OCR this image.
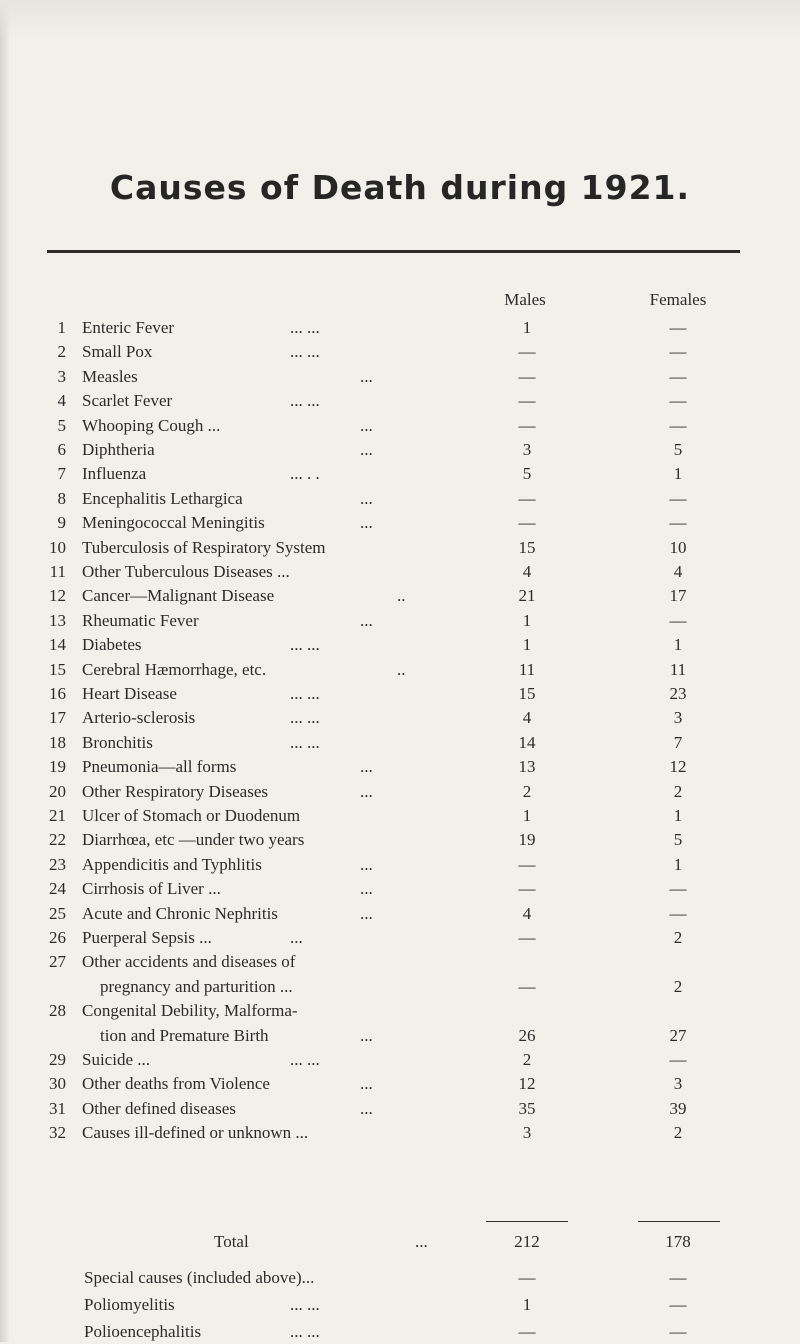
Causes of Death during 1921.
Males	Females
1 Enteric Fever	... ...	1	—
2 Small Pox	... ...	—	—
3 Measles	...	—	—
4 Scarlet Fever	... ...	—	—
5 Whooping Cough ...	...	—	—
6 Diphtheria	...	3	5
7 Influenza	... . .	5	1
8 Encephalitis Lethargica	...	—	—
9 Meningococcal Meningitis	...	—	—
10 Tuberculosis of Respiratory System	15	10
11 Other Tuberculous Diseases ...	4	4
12 Cancer—Malignant Disease	..	21	17
13 Rheumatic Fever	...	1	—
14 Diabetes	... ...	1	1
15 Cerebral Hæmorrhage, etc.	..	11	11
16 Heart Disease	... ...	15	23
17 Arterio-sclerosis	... ...	4	3
18 Bronchitis	... ...	14	7
19 Pneumonia—all forms	...	13	12
20 Other Respiratory Diseases	...	2	2
21 Ulcer of Stomach or Duodenum	1	1
22 Diarrhœa, etc —under two years	19	5
23 Appendicitis and Typhlitis	...	—	1
24 Cirrhosis of Liver ...	...	—	—
25 Acute and Chronic Nephritis	...	4	—
26 Puerperal Sepsis ...	...	—	2
27 Other accidents and diseases of
pregnancy and parturition ...	—	2
28 Congenital Debility, Malforma-
tion and Premature Birth	...	26	27
29 Suicide ...	... ...	2	—
30 Other deaths from Violence	...	12	3
31 Other defined diseases	...	35	39
32 Causes ill-defined or unknown ...	3	2
Total	...	212	178
Special causes (included above)...	—	—
Poliomyelitis	... ...	1	—
Polioencephalitis	... ...	—	—
